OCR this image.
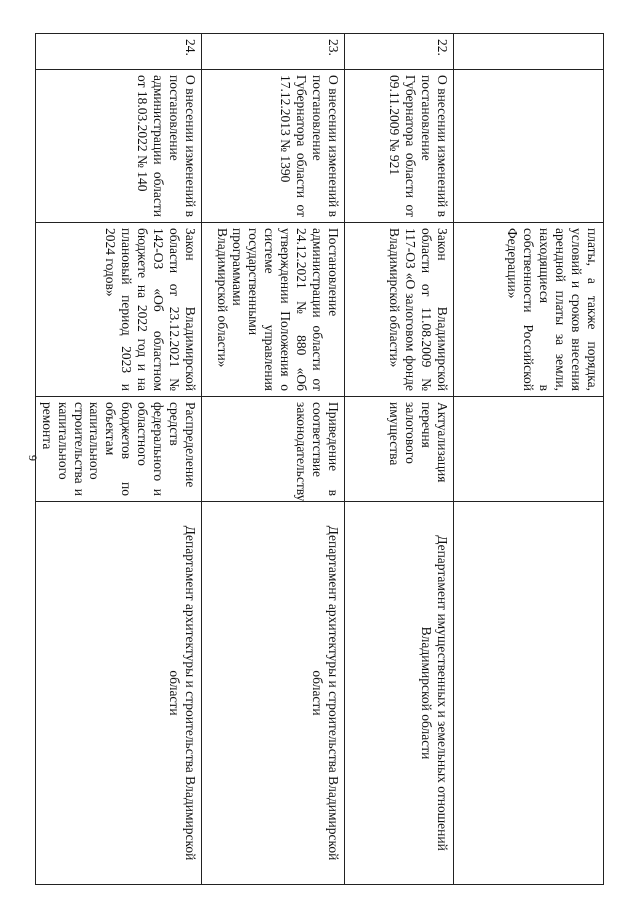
9
		платы, а также порядка, условий и сроков внесения арендной платы за земли, находящиеся в собственности Российской Федерации»		
22.	О внесении изменений в постановление Губернатора области от 09.11.2009 № 921	Закон Владимирской области от 11.08.2009 № 117-ОЗ «О залоговом фонде Владимирской области»	Актуализация перечня залогового имущества	Департамент имущественных и земельных отношений Владимирской области
23.	О внесении изменений в постановление Губернатора области от 17.12.2013 № 1390	Постановление администрации области от 24.12.2021 № 880 «Об утверждении Положения о системе управления государственными программами Владимирской области»	Приведение в соответствие законодательству	Департамент архитектуры и строительства Владимирской области
24.	О внесении изменений в постановление администрации области от 18.03.2022 № 140	Закон Владимирской области от 23.12.2021 № 142-ОЗ «Об областном бюджете на 2022 год и на плановый период 2023 и 2024 годов»	Распределение средств федерального и областного бюджетов по объектам капитального строительства и капитального ремонта	Департамент архитектуры и строительства Владимирской области
